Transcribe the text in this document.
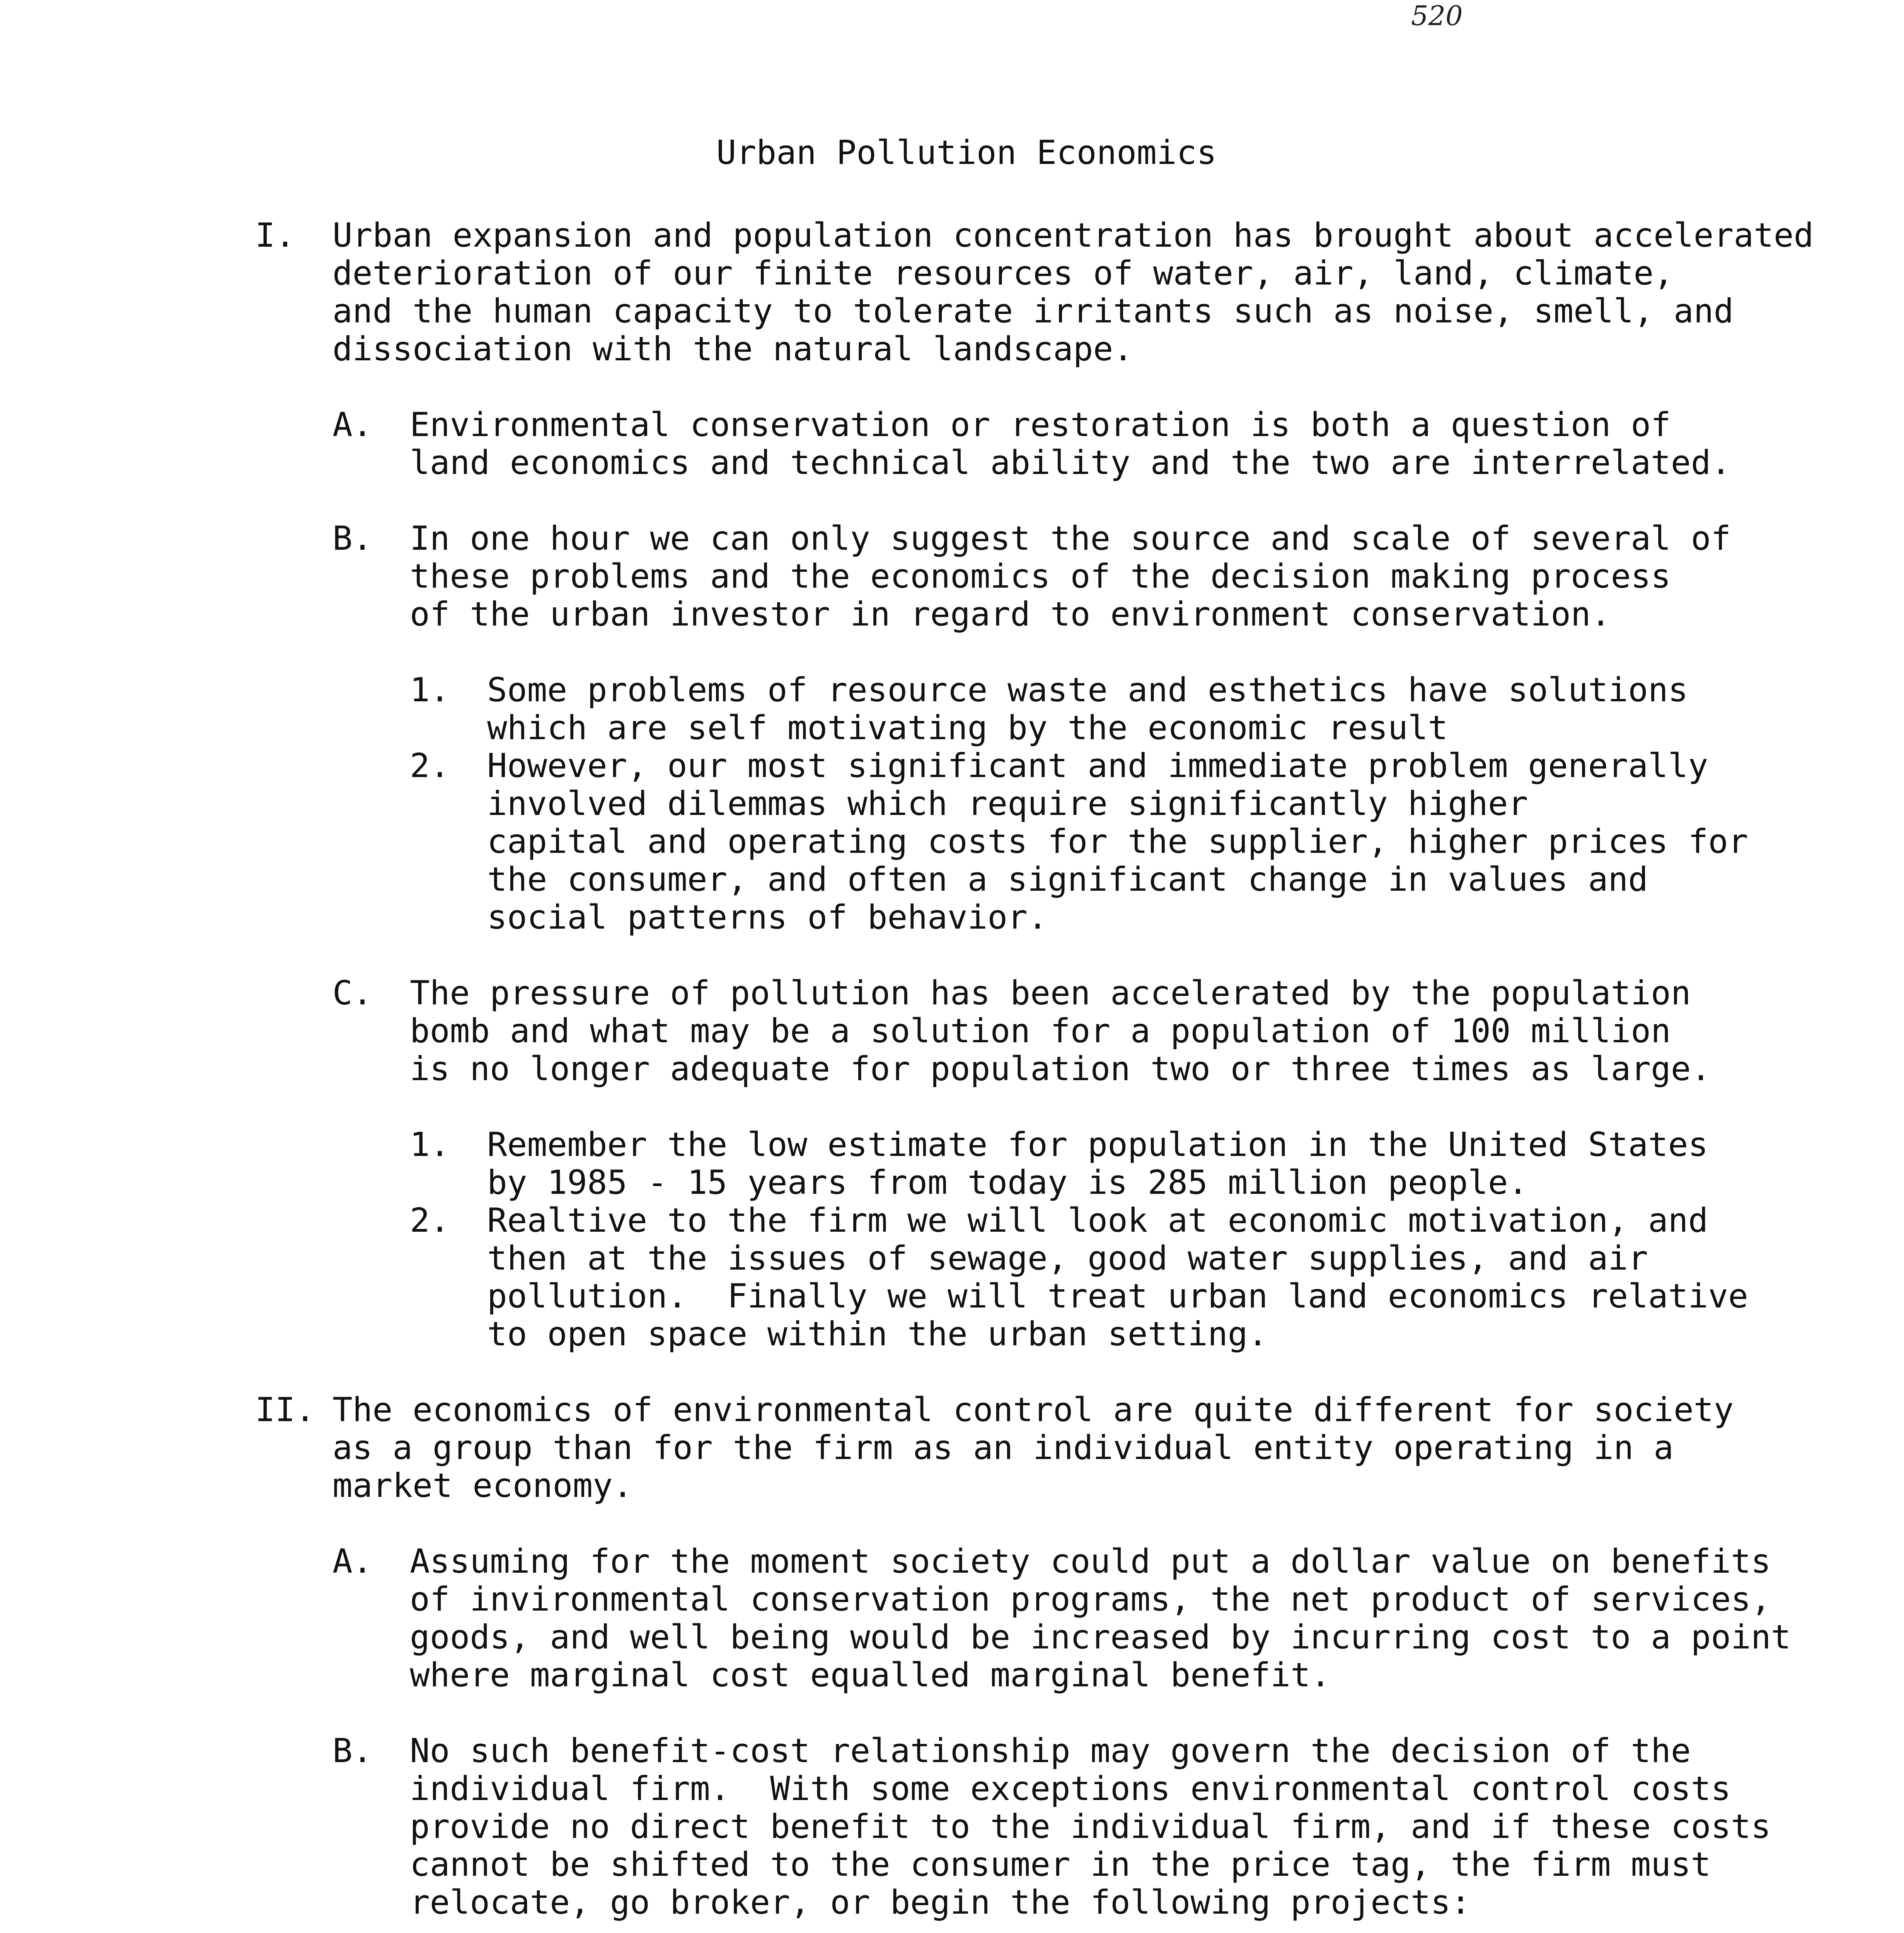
520
Urban Pollution Economics
I. Urban expansion and population concentration has brought about accelerated
deterioration of our finite resources of water, air, land, climate,
and the human capacity to tolerate irritants such as noise, smell, and
dissociation with the natural landscape.
A. Environmental conservation or restoration is both a question of
land economics and technical ability and the two are interrelated.
B. In one hour we can only suggest the source and scale of several of
these problems and the economics of the decision making process
of the urban investor in regard to environment conservation.
1. Some problems of resource waste and esthetics have solutions
which are self motivating by the economic result
2. However, our most significant and immediate problem generally
involved dilemmas which require significantly higher
capital and operating costs for the supplier, higher prices for
the consumer, and often a significant change in values and
social patterns of behavior.
C. The pressure of pollution has been accelerated by the population
bomb and what may be a solution for a population of 100 million
is no longer adequate for population two or three times as large.
1. Remember the low estimate for population in the United States
by 1985 - 15 years from today is 285 million people.
2. Realtive to the firm we will look at economic motivation, and
then at the issues of sewage, good water supplies, and air
pollution.  Finally we will treat urban land economics relative
to open space within the urban setting.
II. The economics of environmental control are quite different for society
as a group than for the firm as an individual entity operating in a
market economy.
A. Assuming for the moment society could put a dollar value on benefits
of invironmental conservation programs, the net product of services,
goods, and well being would be increased by incurring cost to a point
where marginal cost equalled marginal benefit.
B. No such benefit-cost relationship may govern the decision of the
individual firm.  With some exceptions environmental control costs
provide no direct benefit to the individual firm, and if these costs
cannot be shifted to the consumer in the price tag, the firm must
relocate, go broker, or begin the following projects:
